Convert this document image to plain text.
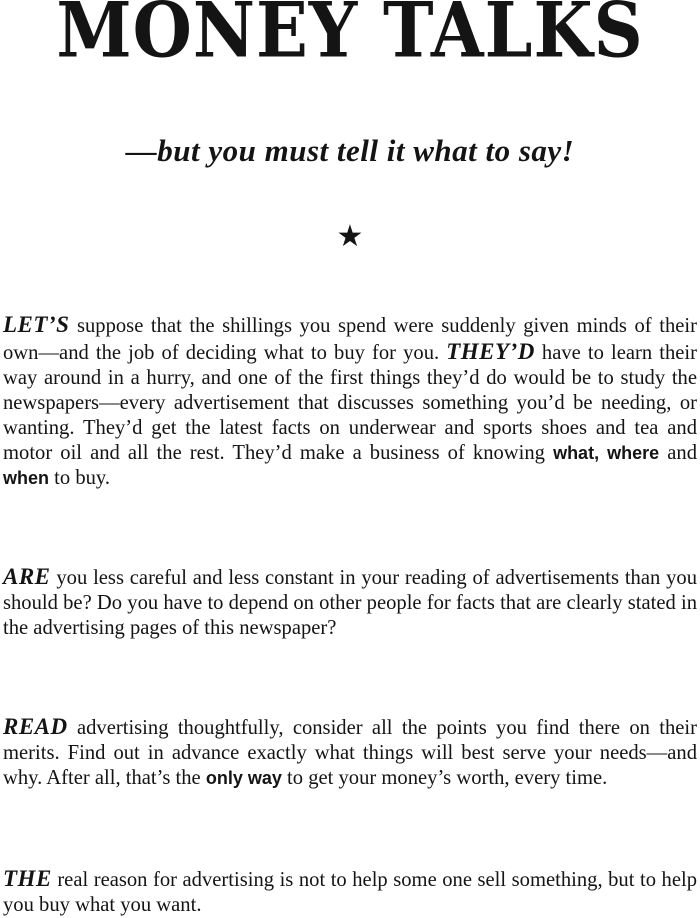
MONEY TALKS
—but you must tell it what to say!
★

LET’S suppose that the shillings you spend were suddenly given minds of their own—and the job of deciding what to buy for you. THEY’D have to learn their way around in a hurry, and one of the first things they’d do would be to study the newspapers—every advertisement that discusses something you’d be needing, or wanting. They’d get the latest facts on underwear and sports shoes and tea and motor oil and all the rest. They’d make a business of knowing what, where and when to buy.

ARE you less careful and less constant in your reading of advertisements than you should be? Do you have to depend on other people for facts that are clearly stated in the advertising pages of this newspaper?

READ advertising thoughtfully, consider all the points you find there on their merits. Find out in advance exactly what things will best serve your needs—and why. After all, that’s the only way to get your money’s worth, every time.

THE real reason for advertising is not to help some one sell something, but to help you buy what you want.
